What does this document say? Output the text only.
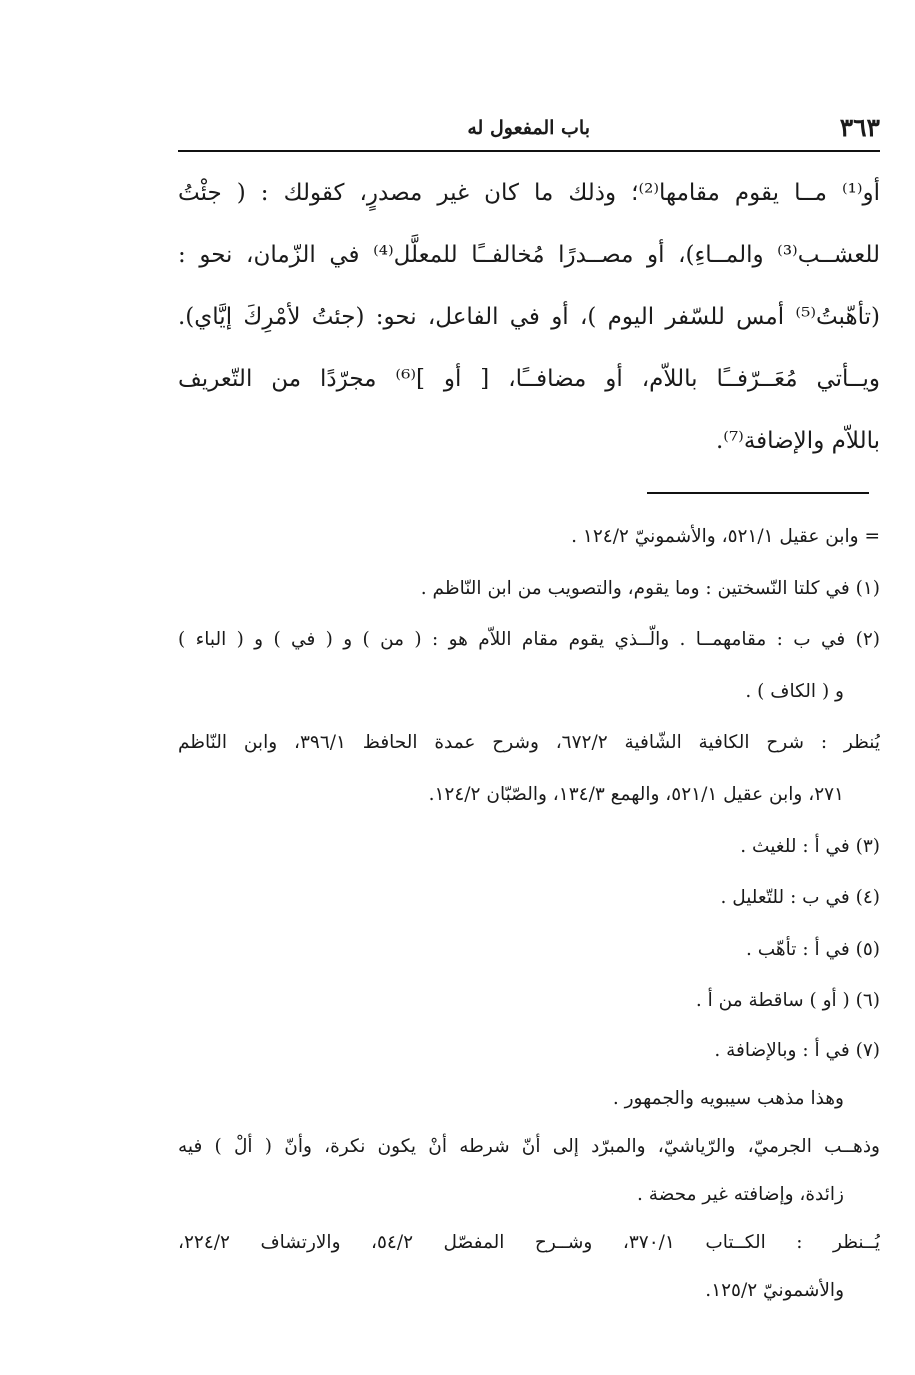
٣٦٣
باب المفعول له
أو⁽¹⁾ مــا يقوم مقامها⁽²⁾؛ وذلك ما كان غير مصدرٍ، كقولك : ( جئْتُ
للعشــب⁽³⁾ والمــاءِ)، أو مصــدرًا مُخالفــًا للمعلَّل⁽⁴⁾ في الزّمان، نحو :
(تأهّبتُ⁽⁵⁾ أمس للسّفر اليوم )، أو في الفاعل، نحو: (جئتُ لأمْرِكَ إيَّاي).
ويــأتي مُعَــرّفــًا باللاّم، أو مضافــًا، [ أو ]⁽⁶⁾ مجرّدًا من التّعريف
باللاّم والإضافة⁽⁷⁾.
= وابن عقيل ٥٢١/١، والأشمونيّ ١٢٤/٢ .
(١) في كلتا النّسختين : وما يقوم، والتصويب من ابن النّاظم .
(٢) في ب : مقامهمــا . والّــذي يقوم مقام اللاّم هو : ( من ) و ( في ) و ( الباء )
و ( الكاف ) .
يُنظر : شرح الكافية الشّافية ٦٧٢/٢، وشرح عمدة الحافظ ٣٩٦/١، وابن النّاظم
٢٧١، وابن عقيل ٥٢١/١، والهمع ١٣٤/٣، والصّبّان ١٢٤/٢.
(٣) في أ : للغيث .
(٤) في ب : للتّعليل .
(٥) في أ : تأهّب .
(٦) ( أو ) ساقطة من أ .
(٧) في أ : وبالإضافة .
وهذا مذهب سيبويه والجمهور .
وذهــب الجرميّ، والرّياشيّ، والمبرّد إلى أنّ شرطه أنْ يكون نكرة، وأنّ ( ألْ ) فيه
زائدة، وإضافته غير محضة .
يُــنظر : الكــتاب ٣٧٠/١، وشــرح المفصّل ٥٤/٢، والارتشاف ٢٢٤/٢،
والأشمونيّ ١٢٥/٢.
